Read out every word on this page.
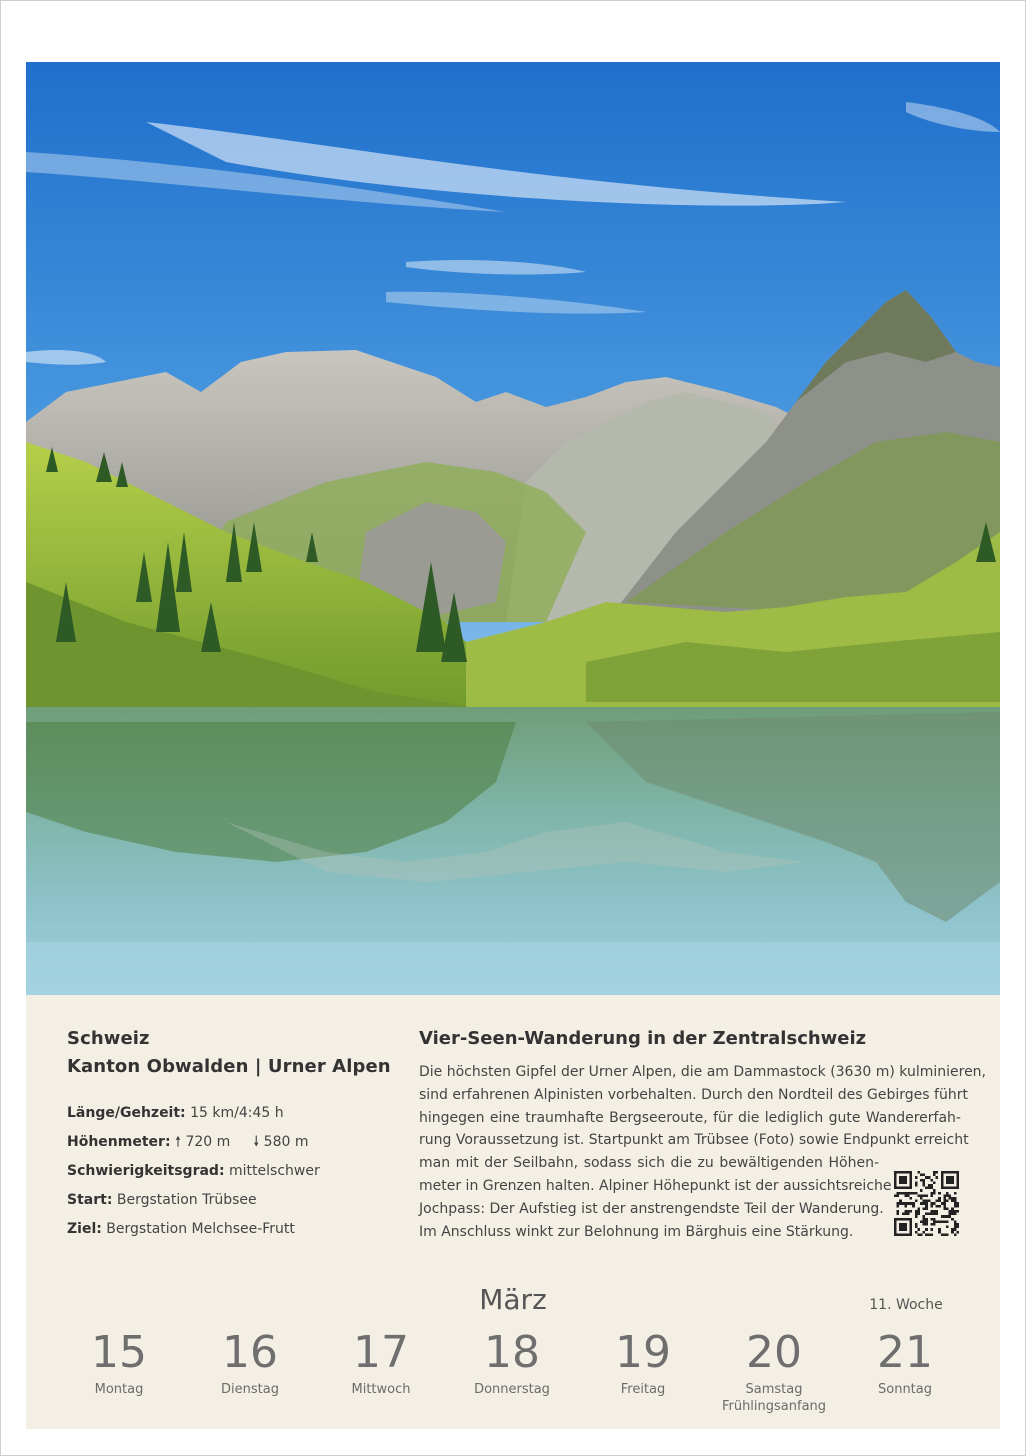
Schweiz
Kanton Obwalden | Urner Alpen
Länge/Gehzeit: 15 km/4:45 h
Höhenmeter: 🠕 720 m 🠗 580 m
Schwierigkeitsgrad: mittelschwer
Start: Bergstation Trübsee
Ziel: Bergstation Melchsee-Frutt
Vier-Seen-Wanderung in der Zentralschweiz
Die höchsten Gipfel der Urner Alpen, die am Dammastock (3630 m) kulminieren,
sind erfahrenen Alpinisten vorbehalten. Durch den Nordteil des Gebirges führt
hingegen eine traumhafte Bergseeroute, für die lediglich gute Wandererfah-
rung Voraussetzung ist. Startpunkt am Trübsee (Foto) sowie Endpunkt erreicht
man mit der Seilbahn, sodass sich die zu bewältigenden Höhen-
meter in Grenzen halten. Alpiner Höhepunkt ist der aussichtsreiche
Jochpass: Der Aufstieg ist der anstrengendste Teil der Wanderung.
Im Anschluss winkt zur Belohnung im Bärghuis eine Stärkung.
März	11. Woche
15
Montag
16
Dienstag
17
Mittwoch
18
Donnerstag
19
Freitag
20
Samstag
Frühlingsanfang
21
Sonntag
